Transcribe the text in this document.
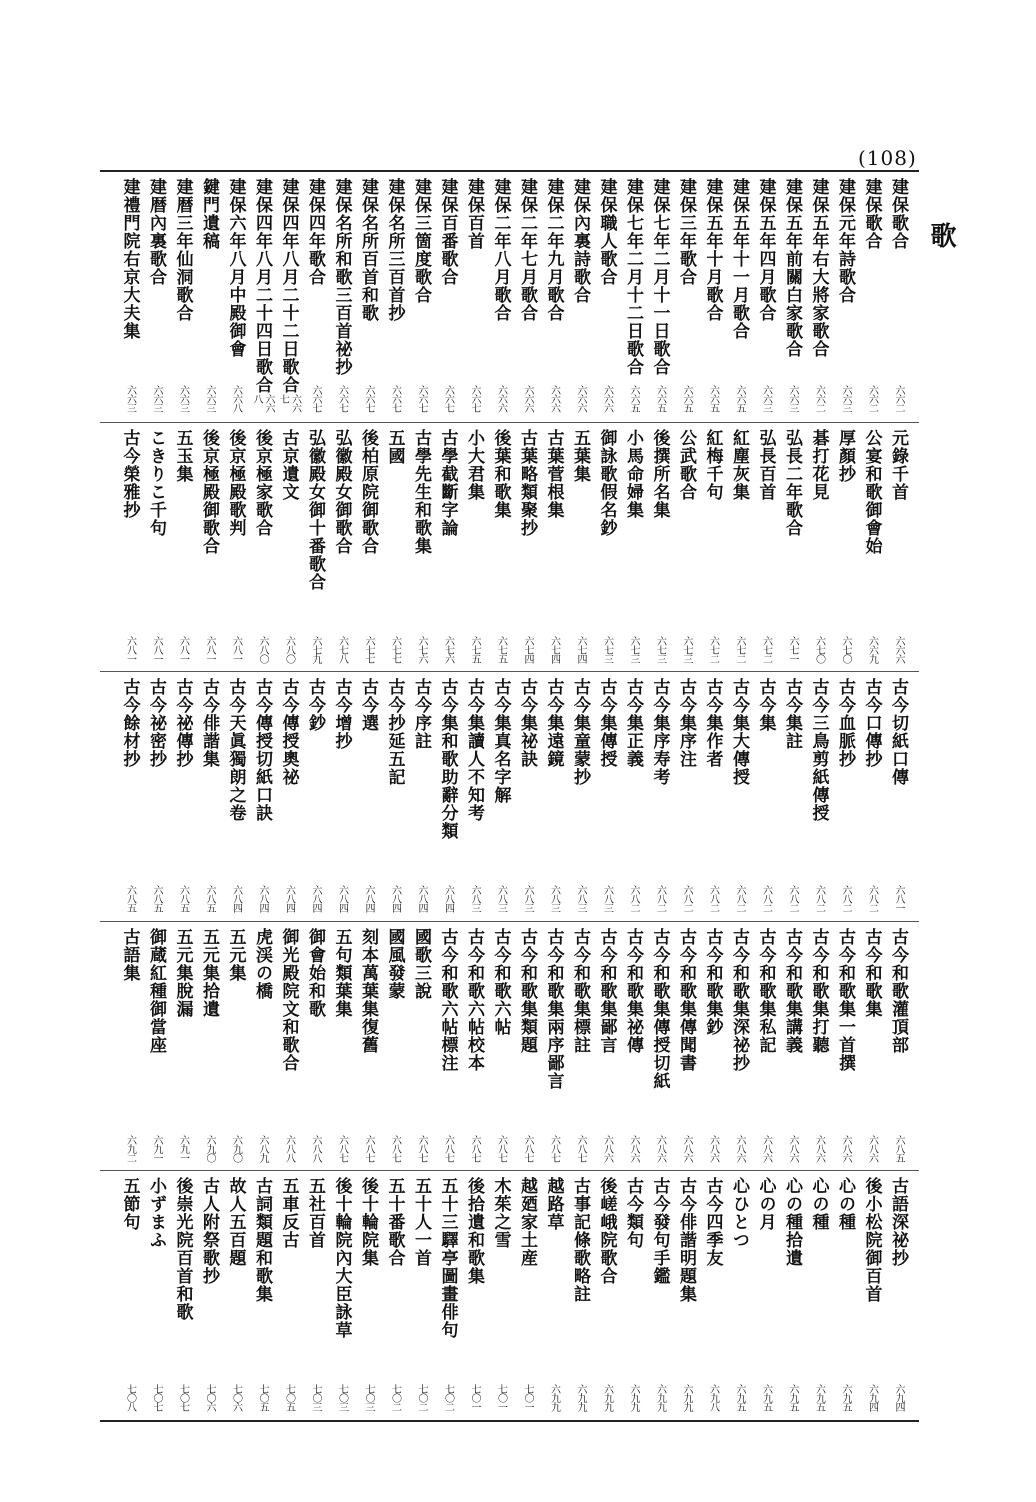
(108)
歌
建保歌合
六六二
建保歌合
六六二
建保元年詩歌合
六六三
建保五年右大將家歌合
六六二
建保五年前關白家歌合
六六三
建保五年四月歌合
六六三
建保五年十一月歌合
六六五
建保五年十月歌合
六六五
建保三年歌合
六六五
建保七年二月十一日歌合
六六五
建保七年二月十二日歌合
六六五
建保職人歌合
六六六
建保內裏詩歌合
六六六
建保二年九月歌合
六六六
建保二年七月歌合
六六六
建保二年八月歌合
六六六
建保百首
六六七
建保百番歌合
六六七
建保三箇度歌合
六六七
建保名所三百首抄
六六七
建保名所百首和歌
六六七
建保名所和歌三百首祕抄
六六七
建保四年歌合
六六七
建保四年八月二十二日歌合
六六七
建保四年八月二十四日歌合
六六八
建保六年八月中殿御會
六六八
鍵門遺稿
六六三
建暦三年仙洞歌合
六六三
建暦內裏歌合
六六三
建禮門院右京大夫集
六六三
元錄千首
六六六
公宴和歌御會始
六六九
厚顏抄
六七〇
碁打花見
六七〇
弘長二年歌合
六七一
弘長百首
六七二
紅塵灰集
六七二
紅梅千句
六七二
公武歌合
六七三
後撰所名集
六七三
小馬命婦集
六七三
御詠歌假名鈔
六七三
五葉集
六七四
古葉菅根集
六七四
古葉略類聚抄
六七四
後葉和歌集
六七五
小大君集
六七五
古學截斷字論
六七六
古學先生和歌集
六七六
五國
六七七
後柏原院御歌合
六七七
弘徽殿女御歌合
六七八
弘徽殿女御十番歌合
六七九
古京遺文
六八〇
後京極家歌合
六八〇
後京極殿歌判
六八一
後京極殿御歌合
六八一
五玉集
六八一
こきりこ千句
六八一
古今榮雅抄
六八一
古今切紙口傳
六八一
古今口傳抄
六八二
古今血脈抄
六八二
古今三鳥剪紙傳授
六八二
古今集註
六八二
古今集
六八二
古今集大傳授
六八二
古今集作者
六八二
古今集序注
六八二
古今集序寿考
六八二
古今集正義
六八二
古今集傳授
六八三
古今集童蒙抄
六八三
古今集遠鏡
六八三
古今集祕訣
六八三
古今集真名字解
六八三
古今集讀人不知考
六八三
古今集和歌助辭分類
六八四
古今序註
六八四
古今抄延五記
六八四
古今選
六八四
古今增抄
六八四
古今鈔
六八四
古今傳授奧祕
六八四
古今傳授切紙口訣
六八四
古今天眞獨朗之卷
六八四
古今俳諧集
六八五
古今祕傳抄
六八五
古今祕密抄
六八五
古今餘材抄
六八五
古今和歌灌頂部
六八五
古今和歌集
六八六
古今和歌集一首撰
六八六
古今和歌集打聽
六八六
古今和歌集講義
六八六
古今和歌集私記
六八六
古今和歌集深祕抄
六八六
古今和歌集鈔
六八六
古今和歌集傳聞書
六八六
古今和歌集傳授切紙
六八六
古今和歌集祕傳
六八六
古今和歌集鄙言
六八六
古今和歌集標註
六八七
古今和歌集兩序鄙言
六八七
古今和歌集類題
六八七
古今和歌六帖
六八七
古今和歌六帖校本
六八七
古今和歌六帖標注
六八七
國歌三說
六八七
國風發蒙
六八七
刻本萬葉集復舊
六八七
五句類葉集
六八七
御會始和歌
六八八
御光殿院文和歌合
六八八
虎渓の橋
六八九
五元集
六九〇
五元集拾遺
六九〇
五元集脫漏
六九一
御蔵紅種御當座
六九一
古語集
六九二
古語深祕抄
六九四
後小松院御百首
六九四
心の種
六九五
心の種
六九五
心の種拾遺
六九五
心の月
六九五
心ひとつ
六九五
古今四季友
六九八
古今俳諧明題集
六九九
古今發句手鑑
六九九
古今類句
六九九
後嵯峨院歌合
六九九
古事記條歌略註
六九九
越路草
六九九
越廼家土産
七〇一
木茱之雪
七〇一
後拾遺和歌集
七〇一
五十三驛亭圖畫俳句
七〇二
五十人一首
七〇二
五十番歌合
七〇二
後十輪院集
七〇三
後十輪院內大臣詠草
七〇三
五社百首
七〇三
五車反古
七〇五
古詞類題和歌集
七〇五
故人五百題
七〇六
古人附祭歌抄
七〇六
後崇光院百首和歌
七〇七
小ずまふ
七〇七
五節句
七〇八
